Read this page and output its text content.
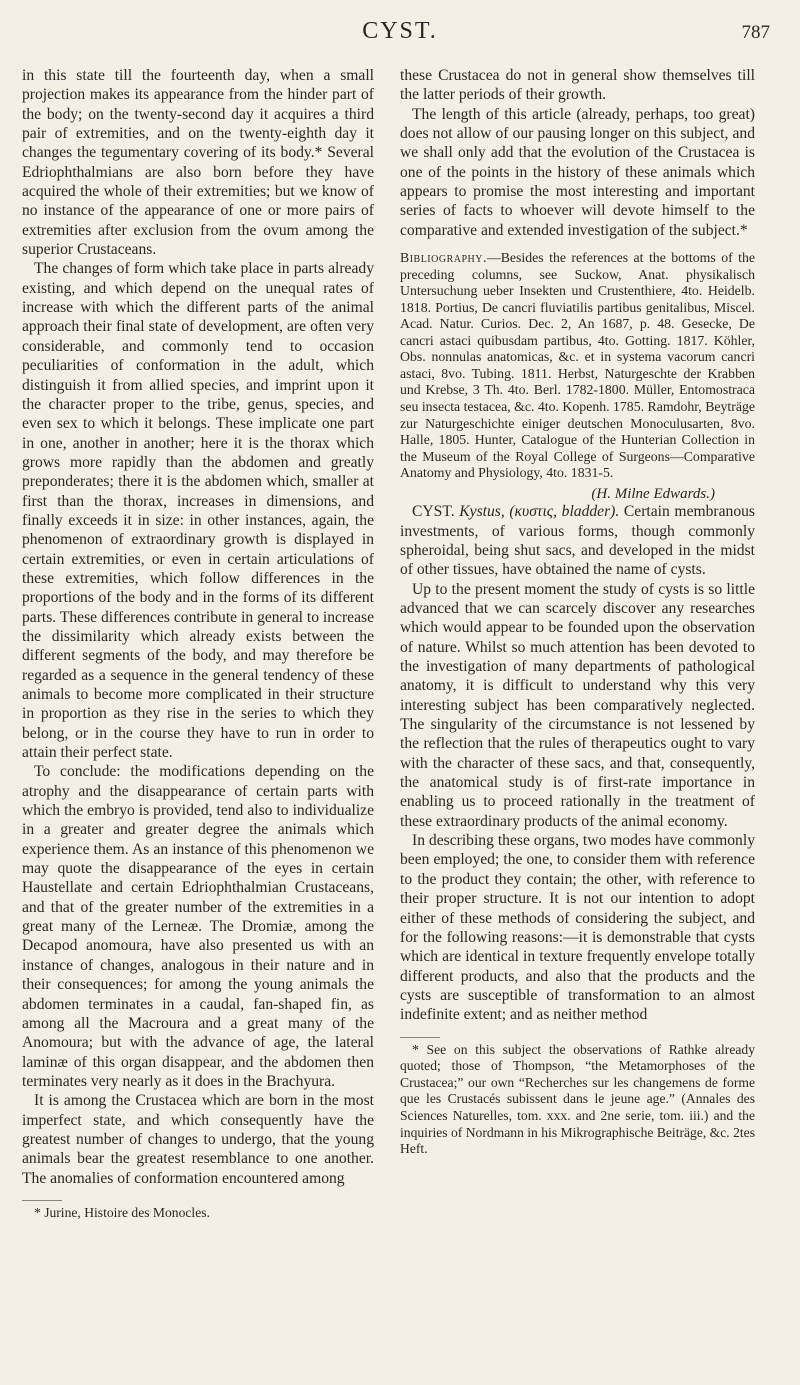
CYST.	787

in this state till the fourteenth day, when a small projection makes its appearance from the hinder part of the body; on the twenty-second day it acquires a third pair of extremities, and on the twenty-eighth day it changes the tegumentary covering of its body.* Several Edriophthalmians are also born before they have acquired the whole of their extremities; but we know of no instance of the appearance of one or more pairs of extremities after exclusion from the ovum among the superior Crustaceans.

The changes of form which take place in parts already existing, and which depend on the unequal rates of increase with which the different parts of the animal approach their final state of development, are often very considerable, and commonly tend to occasion peculiarities of conformation in the adult, which distinguish it from allied species, and imprint upon it the character proper to the tribe, genus, species, and even sex to which it belongs. These implicate one part in one, another in another; here it is the thorax which grows more rapidly than the abdomen and greatly preponderates; there it is the abdomen which, smaller at first than the thorax, increases in dimensions, and finally exceeds it in size: in other instances, again, the phenomenon of extraordinary growth is displayed in certain extremities, or even in certain articulations of these extremities, which follow differences in the proportions of the body and in the forms of its different parts. These differences contribute in general to increase the dissimilarity which already exists between the different segments of the body, and may therefore be regarded as a sequence in the general tendency of these animals to become more complicated in their structure in proportion as they rise in the series to which they belong, or in the course they have to run in order to attain their perfect state.

To conclude: the modifications depending on the atrophy and the disappearance of certain parts with which the embryo is provided, tend also to individualize in a greater and greater degree the animals which experience them. As an instance of this phenomenon we may quote the disappearance of the eyes in certain Haustellate and certain Edriophthalmian Crustaceans, and that of the greater number of the extremities in a great many of the Lerneæ. The Dromiæ, among the Decapod anomoura, have also presented us with an instance of changes, analogous in their nature and in their consequences; for among the young animals the abdomen terminates in a caudal, fan-shaped fin, as among all the Macroura and a great many of the Anomoura; but with the advance of age, the lateral laminæ of this organ disappear, and the abdomen then terminates very nearly as it does in the Brachyura.

It is among the Crustacea which are born in the most imperfect state, and which consequently have the greatest number of changes to undergo, that the young animals bear the greatest resemblance to one another. The anomalies of conformation encountered among

* Jurine, Histoire des Monocles.

these Crustacea do not in general show themselves till the latter periods of their growth.

The length of this article (already, perhaps, too great) does not allow of our pausing longer on this subject, and we shall only add that the evolution of the Crustacea is one of the points in the history of these animals which appears to promise the most interesting and important series of facts to whoever will devote himself to the comparative and extended investigation of the subject.*

Bibliography.—Besides the references at the bottoms of the preceding columns, see Suckow, Anat. physikalisch Untersuchung ueber Insekten und Crustenthiere, 4to. Heidelb. 1818. Portius, De cancri fluviatilis partibus genitalibus, Miscel. Acad. Natur. Curios. Dec. 2, An 1687, p. 48. Gesecke, De cancri astaci quibusdam partibus, 4to. Gotting. 1817. Köhler, Obs. nonnulas anatomicas, &c. et in systema vacorum cancri astaci, 8vo. Tubing. 1811. Herbst, Naturgeschte der Krabben und Krebse, 3 Th. 4to. Berl. 1782-1800. Müller, Entomostraca seu insecta testacea, &c. 4to. Kopenh. 1785. Ramdohr, Beyträge zur Naturgeschichte einiger deutschen Monoculusarten, 8vo. Halle, 1805. Hunter, Catalogue of the Hunterian Collection in the Museum of the Royal College of Surgeons—Comparative Anatomy and Physiology, 4to. 1831-5.

(H. Milne Edwards.)

CYST. Kystus, (κυστις, bladder). Certain membranous investments, of various forms, though commonly spheroidal, being shut sacs, and developed in the midst of other tissues, have obtained the name of cysts.

Up to the present moment the study of cysts is so little advanced that we can scarcely discover any researches which would appear to be founded upon the observation of nature. Whilst so much attention has been devoted to the investigation of many departments of pathological anatomy, it is difficult to understand why this very interesting subject has been comparatively neglected. The singularity of the circumstance is not lessened by the reflection that the rules of therapeutics ought to vary with the character of these sacs, and that, consequently, the anatomical study is of first-rate importance in enabling us to proceed rationally in the treatment of these extraordinary products of the animal economy.

In describing these organs, two modes have commonly been employed; the one, to consider them with reference to the product they contain; the other, with reference to their proper structure. It is not our intention to adopt either of these methods of considering the subject, and for the following reasons:—it is demonstrable that cysts which are identical in texture frequently envelope totally different products, and also that the products and the cysts are susceptible of transformation to an almost indefinite extent; and as neither method

* See on this subject the observations of Rathke already quoted; those of Thompson, “the Metamorphoses of the Crustacea;” our own “Recherches sur les changemens de forme que les Crustacés subissent dans le jeune age.” (Annales des Sciences Naturelles, tom. xxx. and 2ne serie, tom. iii.) and the inquiries of Nordmann in his Mikrographische Beiträge, &c. 2tes Heft.
